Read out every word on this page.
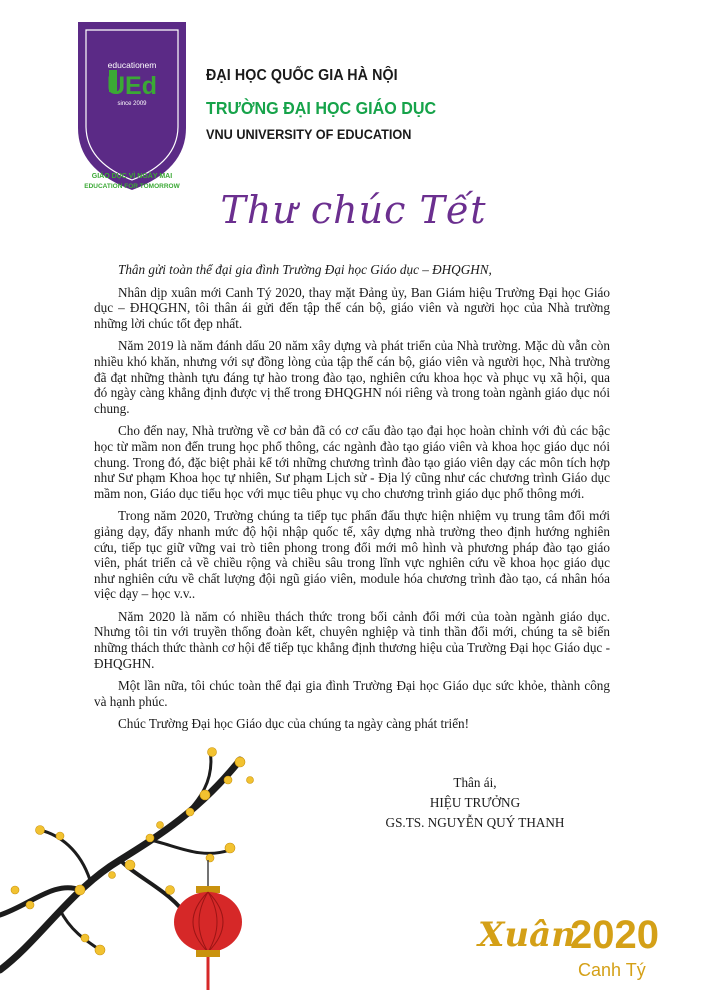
educationem
UEd
since 2009
GIÁO DỤC VÌ NGÀY MAI
EDUCATION FOR TOMORROW
ĐẠI HỌC QUỐC GIA HÀ NỘI
TRƯỜNG ĐẠI HỌC GIÁO DỤC
VNU UNIVERSITY OF EDUCATION
Thư chúc Tết

Thân gửi toàn thể đại gia đình Trường Đại học Giáo dục – ĐHQGHN,

Nhân dịp xuân mới Canh Tý 2020, thay mặt Đảng ủy, Ban Giám hiệu Trường Đại học Giáo dục – ĐHQGHN, tôi thân ái gửi đến tập thể cán bộ, giáo viên và người học của Nhà trường những lời chúc tốt đẹp nhất.

Năm 2019 là năm đánh dấu 20 năm xây dựng và phát triển của Nhà trường. Mặc dù vẫn còn nhiều khó khăn, nhưng với sự đồng lòng của tập thể cán bộ, giáo viên và người học, Nhà trường đã đạt những thành tựu đáng tự hào trong đào tạo, nghiên cứu khoa học và phục vụ xã hội, qua đó ngày càng khẳng định được vị thế trong ĐHQGHN nói riêng và trong toàn ngành giáo dục nói chung.

Cho đến nay, Nhà trường về cơ bản đã có cơ cấu đào tạo đại học hoàn chỉnh với đủ các bậc học từ mầm non đến trung học phổ thông, các ngành đào tạo giáo viên và khoa học giáo dục nói chung. Trong đó, đặc biệt phải kể tới những chương trình đào tạo giáo viên dạy các môn tích hợp như Sư phạm Khoa học tự nhiên, Sư phạm Lịch sử - Địa lý cũng như các chương trình Giáo dục mầm non, Giáo dục tiểu học với mục tiêu phục vụ cho chương trình giáo dục phổ thông mới.

Trong năm 2020, Trường chúng ta tiếp tục phấn đấu thực hiện nhiệm vụ trung tâm đổi mới giảng dạy, đẩy nhanh mức độ hội nhập quốc tế, xây dựng nhà trường theo định hướng nghiên cứu, tiếp tục giữ vững vai trò tiên phong trong đổi mới mô hình và phương pháp đào tạo giáo viên, phát triển cả về chiều rộng và chiều sâu trong lĩnh vực nghiên cứu về khoa học giáo dục như nghiên cứu về chất lượng đội ngũ giáo viên, module hóa chương trình đào tạo, cá nhân hóa việc dạy – học v.v..

Năm 2020 là năm có nhiều thách thức trong bối cảnh đổi mới của toàn ngành giáo dục. Nhưng tôi tin với truyền thống đoàn kết, chuyên nghiệp và tinh thần đổi mới, chúng ta sẽ biến những thách thức thành cơ hội để tiếp tục khẳng định thương hiệu của Trường Đại học Giáo dục - ĐHQGHN.

Một lần nữa, tôi chúc toàn thể đại gia đình Trường Đại học Giáo dục sức khỏe, thành công và hạnh phúc.

Chúc Trường Đại học Giáo dục của chúng ta ngày càng phát triển!

Thân ái,
HIỆU TRƯỞNG
GS.TS. NGUYỄN QUÝ THANH
Xuân
2020
Canh Tý
